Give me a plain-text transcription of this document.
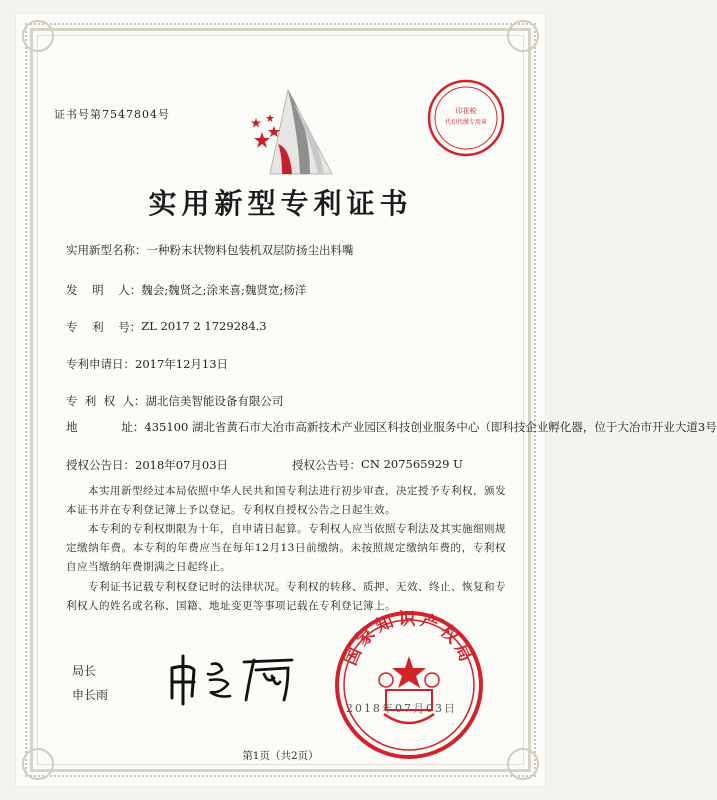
证书号第7547804号	印花税
代扣代缴专用章
实用新型专利证书
实用新型名称： 一种粉末状物料包装机双层防扬尘出料嘴
发    明    人： 魏会;魏贤之;涂来喜;魏贤宽;杨洋
专    利    号： ZL 2017 2 1729284.3
专利申请日： 2017年12月13日
专  利  权  人： 湖北信美智能设备有限公司
地            址： 435100 湖北省黄石市大冶市高新技术产业园区科技创业服务中心（即科技企业孵化器，位于大冶市开业大道3号
授权公告日： 2018年07月03日	授权公告号： CN 207565929 U
本实用新型经过本局依照中华人民共和国专利法进行初步审查，决定授予专利权，颁发本证书并在专利登记簿上予以登记。专利权自授权公告之日起生效。
本专利的专利权期限为十年，自申请日起算。专利权人应当依照专利法及其实施细则规定缴纳年费。本专利的年费应当在每年12月13日前缴纳。未按照规定缴纳年费的，专利权自应当缴纳年费期满之日起终止。
专利证书记载专利权登记时的法律状况。专利权的转移、质押、无效、终止、恢复和专利权人的姓名或名称、国籍、地址变更等事项记载在专利登记簿上。
局长
申长雨
国家知识产权局
2018年07月03日
第1页（共2页）
